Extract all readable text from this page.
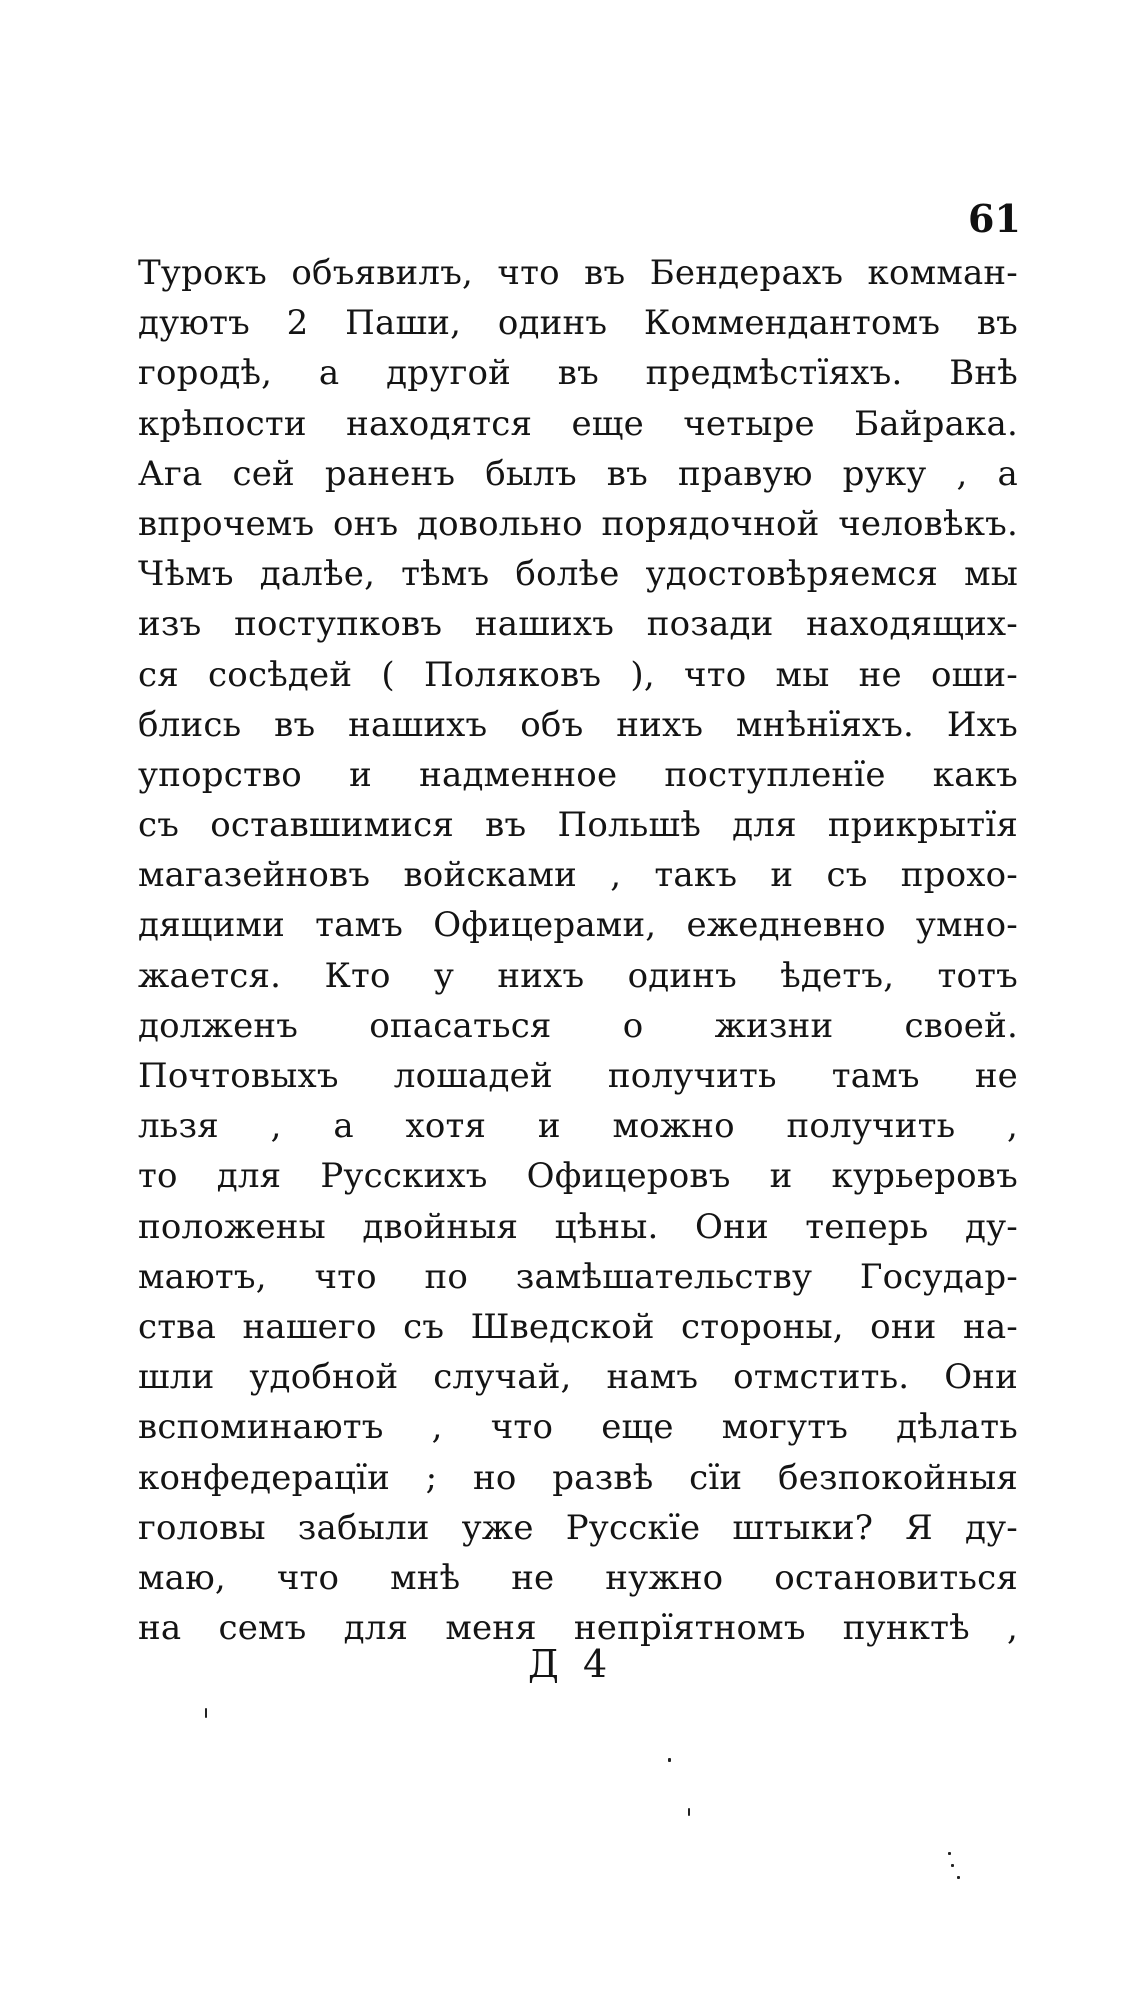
61
Турокъ объявилъ, что въ Бендерахъ комман-
дуютъ 2 Паши, одинъ Коммендантомъ въ
городѣ, а другой въ предмѣстїяхъ. Внѣ
крѣпости находятся еще четыре Байрака.
Ага сей раненъ былъ въ правую руку , а
впрочемъ онъ довольно порядочной человѣкъ.
Чѣмъ далѣе, тѣмъ болѣе удостовѣряемся мы
изъ поступковъ нашихъ позади находящих-
ся сосѣдей ( Поляковъ ), что мы не оши-
блись въ нашихъ объ нихъ мнѣнїяхъ. Ихъ
упорство и надменное поступленїе какъ
съ оставшимися въ Польшѣ для прикрытїя
магазейновъ войсками , такъ и съ прохо-
дящими тамъ Офицерами, ежедневно умно-
жается. Кто у нихъ одинъ ѣдетъ, тотъ
долженъ опасаться о жизни своей.
Почтовыхъ лошадей получить тамъ не
льзя , а хотя и можно получить ,
то для Русскихъ Офицеровъ и курьеровъ
положены двойныя цѣны. Они теперь ду-
маютъ, что по замѣшательству Государ-
ства нашего съ Шведской стороны, они на-
шли удобной случай, намъ отмстить. Они
вспоминаютъ , что еще могутъ дѣлать
конфедерацїи ; но развѣ сїи безпокойныя
головы забыли уже Русскїе штыки? Я ду-
маю, что мнѣ не нужно остановиться
на семъ для меня непрїятномъ пунктѣ ,
Д 4
